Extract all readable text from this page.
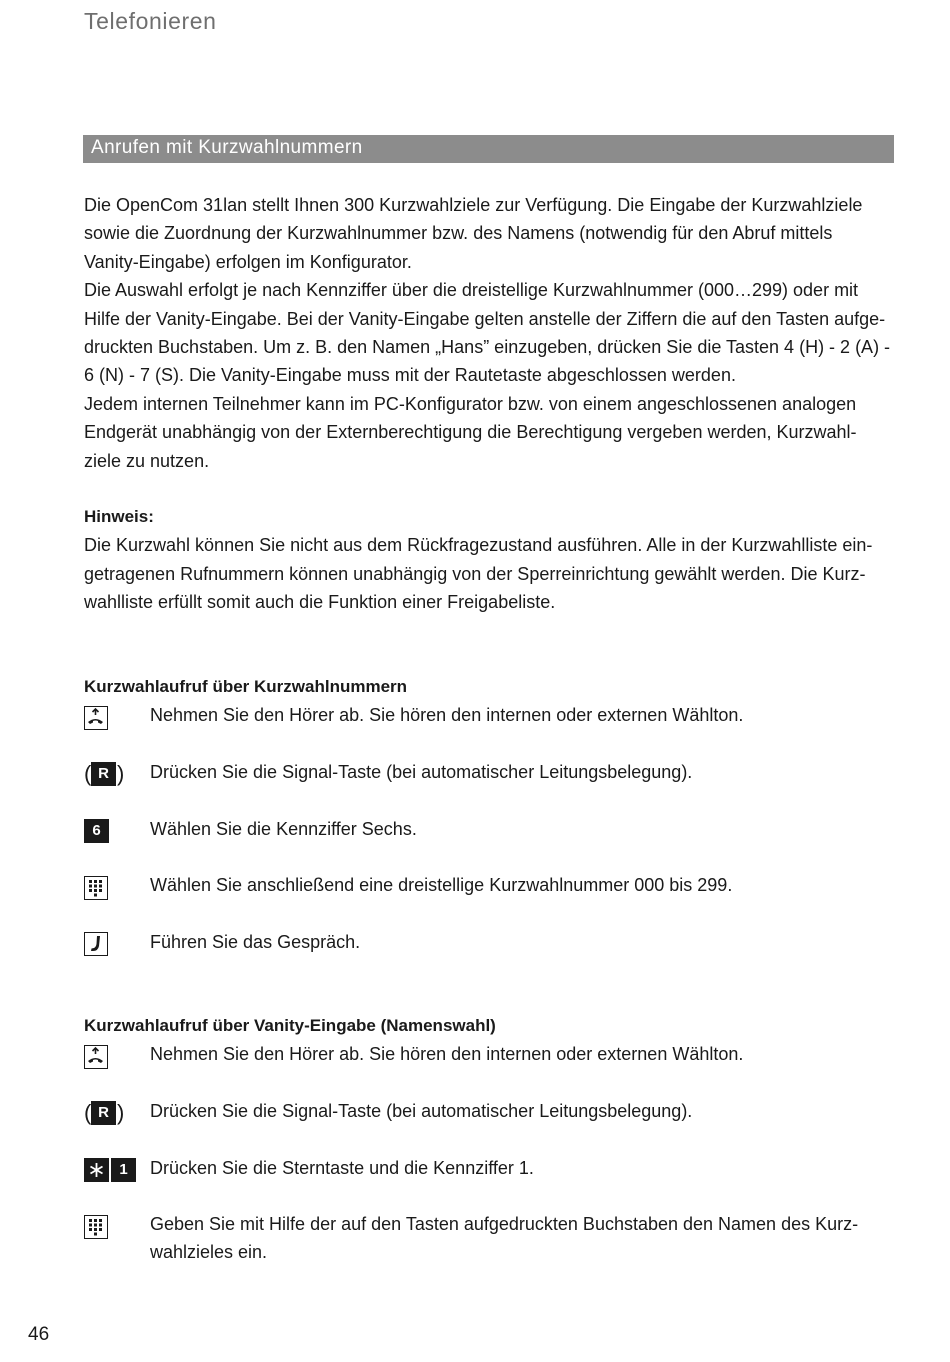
Telefonieren
Anrufen mit Kurzwahlnummern
Die OpenCom 31lan stellt Ihnen 300 Kurzwahlziele zur Verfügung. Die Eingabe der Kurzwahlziele
sowie die Zuordnung der Kurzwahlnummer bzw. des Namens (notwendig für den Abruf mittels
Vanity-Eingabe) erfolgen im Konfigurator.
Die Auswahl erfolgt je nach Kennziffer über die dreistellige Kurzwahlnummer (000…299) oder mit
Hilfe der Vanity-Eingabe. Bei der Vanity-Eingabe gelten anstelle der Ziffern die auf den Tasten aufge-
druckten Buchstaben. Um z. B. den Namen „Hans” einzugeben, drücken Sie die Tasten 4 (H) - 2 (A) -
6 (N) - 7 (S). Die Vanity-Eingabe muss mit der Rautetaste abgeschlossen werden.
Jedem internen Teilnehmer kann im PC-Konfigurator bzw. von einem angeschlossenen analogen
Endgerät unabhängig von der Externberechtigung die Berechtigung vergeben werden, Kurzwahl-
ziele zu nutzen.
Hinweis:
Die Kurzwahl können Sie nicht aus dem Rückfragezustand ausführen. Alle in der Kurzwahlliste ein-
getragenen Rufnummern können unabhängig von der Sperreinrichtung gewählt werden. Die Kurz-
wahlliste erfüllt somit auch die Funktion einer Freigabeliste.
Kurzwahlaufruf über Kurzwahlnummern
Nehmen Sie den Hörer ab. Sie hören den internen oder externen Wählton.
( R ) Drücken Sie die Signal-Taste (bei automatischer Leitungsbelegung).
6	Wählen Sie die Kennziffer Sechs.
Wählen Sie anschließend eine dreistellige Kurzwahlnummer 000 bis 299.
Führen Sie das Gespräch.
Kurzwahlaufruf über Vanity-Eingabe (Namenswahl)
Nehmen Sie den Hörer ab. Sie hören den internen oder externen Wählton.
( R ) Drücken Sie die Signal-Taste (bei automatischer Leitungsbelegung).
1	Drücken Sie die Sterntaste und die Kennziffer 1.
Geben Sie mit Hilfe der auf den Tasten aufgedruckten Buchstaben den Namen des Kurz-
wahlzieles ein.
46
